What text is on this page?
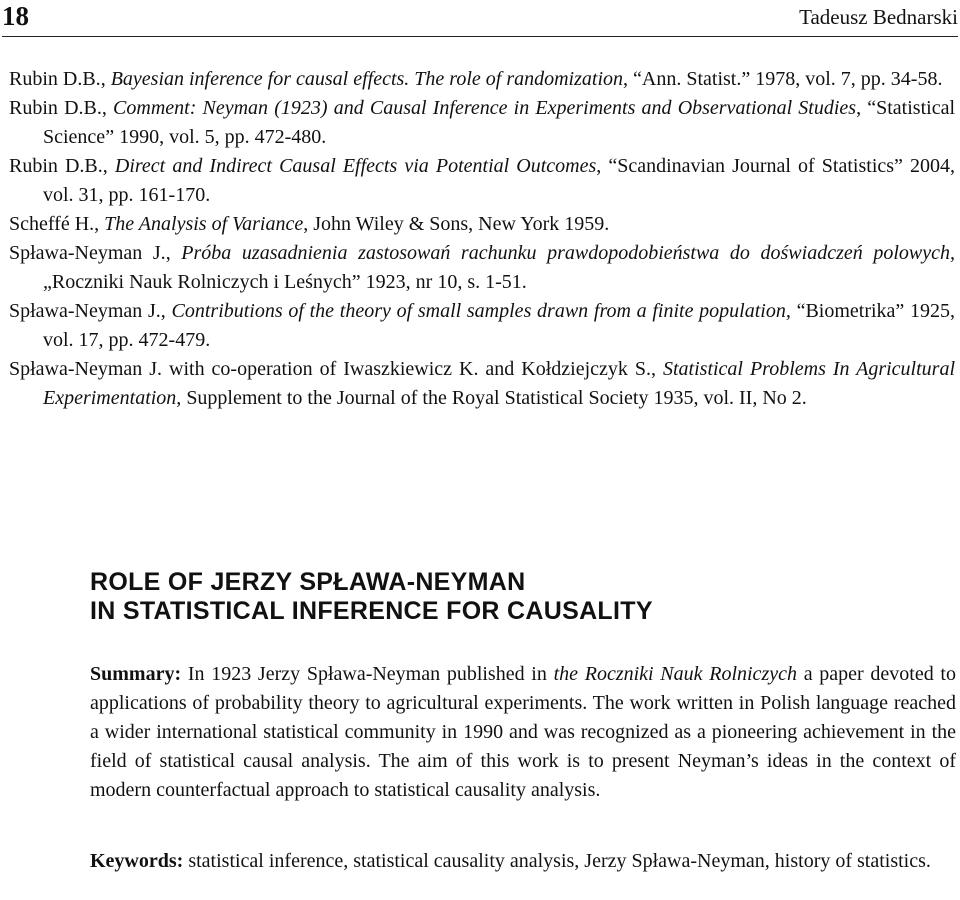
18	Tadeusz Bednarski
Rubin D.B., Bayesian inference for causal effects. The role of randomization, “Ann. Statist.” 1978, vol. 7, pp. 34-58.
Rubin D.B., Comment: Neyman (1923) and Causal Inference in Experiments and Observational Studies, “Statistical Science” 1990, vol. 5, pp. 472-480.
Rubin D.B., Direct and Indirect Causal Effects via Potential Outcomes, “Scandinavian Journal of Statistics” 2004, vol. 31, pp. 161-170.
Scheffé H., The Analysis of Variance, John Wiley & Sons, New York 1959.
Spława-Neyman J., Próba uzasadnienia zastosowań rachunku prawdopodobieństwa do doświadczeń polowych, „Roczniki Nauk Rolniczych i Leśnych” 1923, nr 10, s. 1-51.
Spława-Neyman J., Contributions of the theory of small samples drawn from a finite population, “Biometrika” 1925, vol. 17, pp. 472-479.
Spława-Neyman J. with co-operation of Iwaszkiewicz K. and Kołdziejczyk S., Statistical Problems In Agricultural Experimentation, Supplement to the Journal of the Royal Statistical Society 1935, vol. II, No 2.
ROLE OF JERZY SPŁAWA-NEYMAN
IN STATISTICAL INFERENCE FOR CAUSALITY
Summary: In 1923 Jerzy Spława-Neyman published in the Roczniki Nauk Rolniczych a paper devoted to applications of probability theory to agricultural experiments. The work written in Polish language reached a wider international statistical community in 1990 and was recognized as a pioneering achievement in the field of statistical causal analysis. The aim of this work is to present Neyman’s ideas in the context of modern counterfactual approach to statistical causality analysis.
Keywords: statistical inference, statistical causality analysis, Jerzy Spława-Neyman, history of statistics.
